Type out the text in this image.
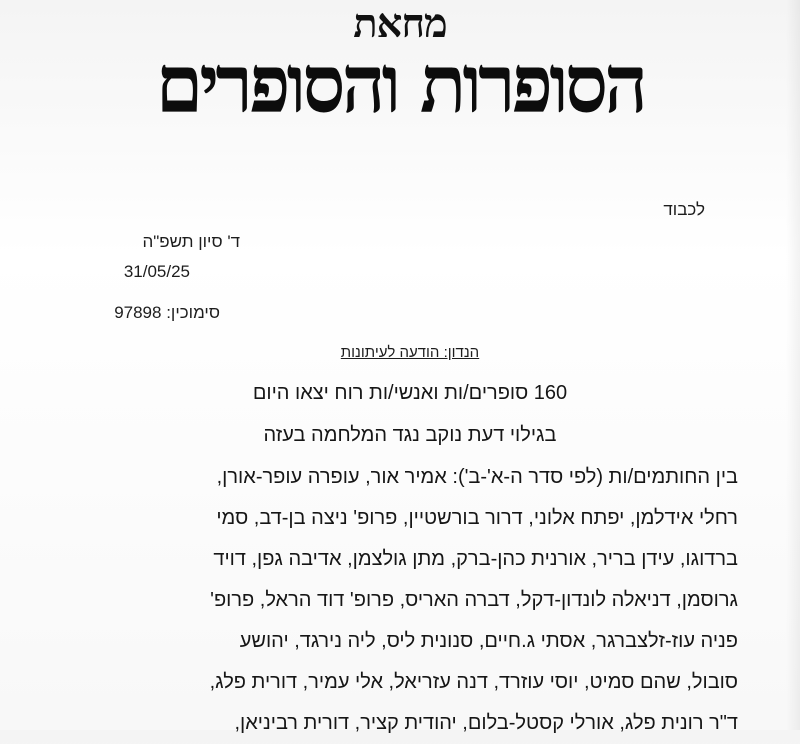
מחאת
הסופרות והסופרים
לכבוד
ד' סיון תשפ"ה
31/05/25
סימוכין: 97898
הנדון: הודעה לעיתונות
160 סופרים/ות ואנשי/ות רוח יצאו היום
בגילוי דעת נוקב נגד המלחמה בעזה
בין החותמים/ות (לפי סדר ה-א'-ב'): אמיר אור, עופרה עופר-אורן,
רחלי אידלמן, יפתח אלוני, דרור בורשטיין, פרופ' ניצה בן-דב, סמי
ברדוגו, עידן בריר, אורנית כהן-ברק, מתן גולצמן, אדיבה גפן, דויד
גרוסמן, דניאלה לונדון-דקל, דברה האריס, פרופ' דוד הראל, פרופ'
פניה עוז-זלצברגר, אסתי ג.חיים, סנונית ליס, ליה נירגד, יהושע
סובול, שהם סמיט, יוסי עוזרד, דנה עזריאל, אלי עמיר, דורית פלג,
ד"ר רונית פלג, אורלי קסטל-בלום, יהודית קציר, דורית רביניאן,
